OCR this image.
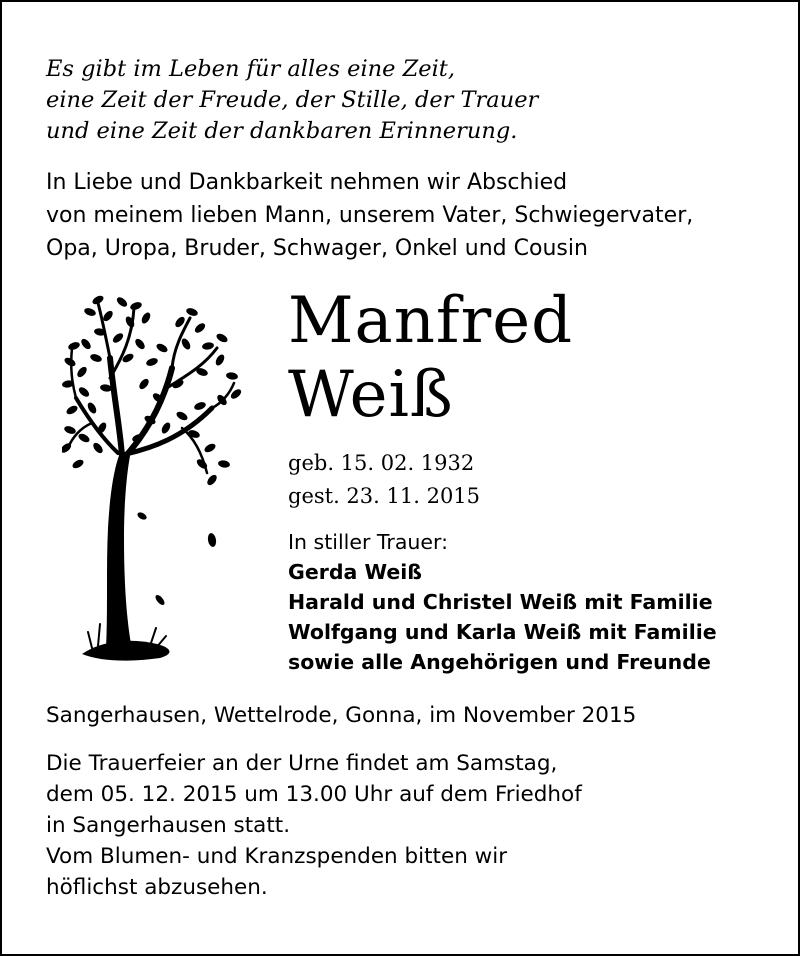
Es gibt im Leben für alles eine Zeit,
eine Zeit der Freude, der Stille, der Trauer
und eine Zeit der dankbaren Erinnerung.
In Liebe und Dankbarkeit nehmen wir Abschied
von meinem lieben Mann, unserem Vater, Schwiegervater,
Opa, Uropa, Bruder, Schwager, Onkel und Cousin
Manfred
Weiß
geb. 15. 02. 1932
gest. 23. 11. 2015
In stiller Trauer:
Gerda Weiß
Harald und Christel Weiß mit Familie
Wolfgang und Karla Weiß mit Familie
sowie alle Angehörigen und Freunde
Sangerhausen, Wettelrode, Gonna, im November 2015
Die Trauerfeier an der Urne findet am Samstag,
dem 05. 12. 2015 um 13.00 Uhr auf dem Friedhof
in Sangerhausen statt.
Vom Blumen- und Kranzspenden bitten wir
höflichst abzusehen.
